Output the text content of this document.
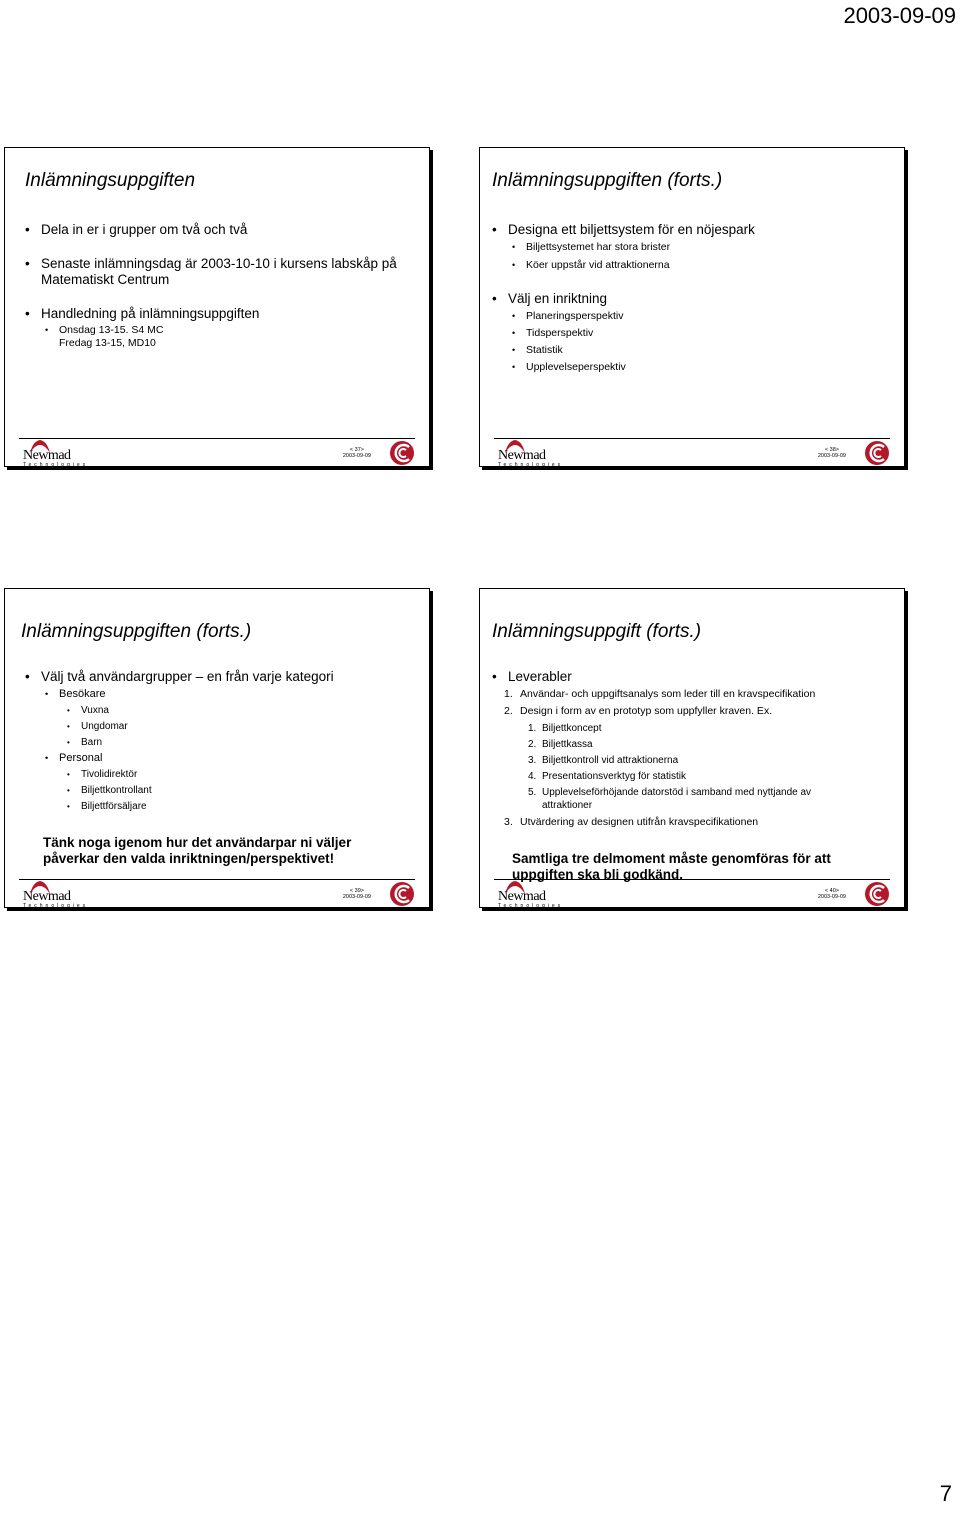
2003-09-09
Inlämningsuppgiften
• Dela in er i grupper om två och två
• Senaste inlämningsdag är 2003-10-10 i kursens labskåp på Matematiskt Centrum
• Handledning på inlämningsuppgiften
• Onsdag 13-15. S4 MC
Fredag 13-15, MD10
Newmad
Technologies
< 37>
2003-09-09
Inlämningsuppgiften (forts.)
• Designa ett biljettsystem för en nöjespark
• Biljettsystemet har stora brister
• Köer uppstår vid attraktionerna
• Välj en inriktning
• Planeringsperspektiv
• Tidsperspektiv
• Statistik
• Upplevelseperspektiv
Newmad
Technologies
< 38>
2003-09-09
Inlämningsuppgiften (forts.)
• Välj två användargrupper – en från varje kategori
• Besökare
• Vuxna
• Ungdomar
• Barn
• Personal
• Tivolidirektör
• Biljettkontrollant
• Biljettförsäljare
Tänk noga igenom hur det användarpar ni väljer påverkar den valda inriktningen/perspektivet!
Newmad
Technologies
< 39>
2003-09-09
Inlämningsuppgift (forts.)
• Leverabler
1. Användar- och uppgiftsanalys som leder till en kravspecifikation
2. Design i form av en prototyp som uppfyller kraven. Ex.
1. Biljettkoncept
2. Biljettkassa
3. Biljettkontroll vid attraktionerna
4. Presentationsverktyg för statistik
5. Upplevelseförhöjande datorstöd i samband med nyttjande av attraktioner
3. Utvärdering av designen utifrån kravspecifikationen
Samtliga tre delmoment måste genomföras för att uppgiften ska bli godkänd.
Newmad
Technologies
< 40>
2003-09-09
7
